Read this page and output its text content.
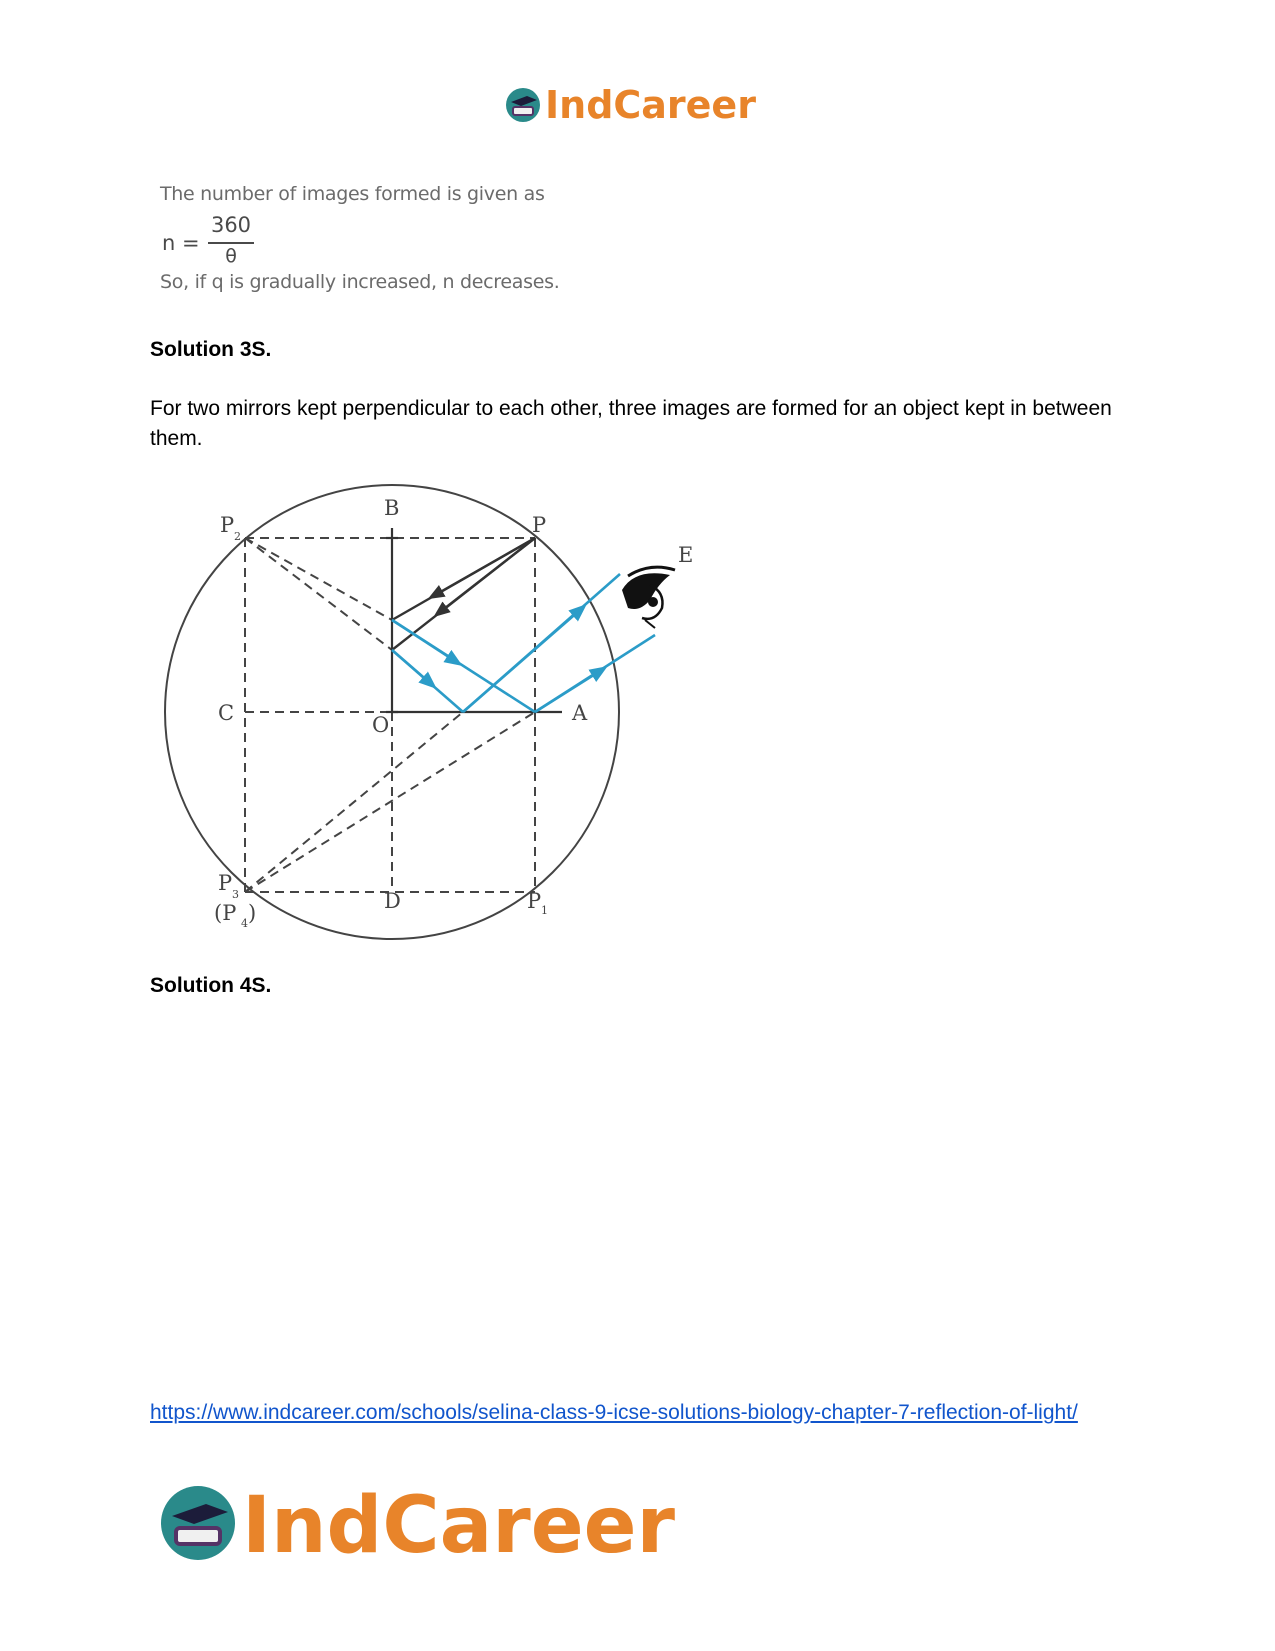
IndCareer
The number of images formed is given as
n =
360
θ
So, if q is gradually increased, n decreases.
Solution 3S.
For two mirrors kept perpendicular to each other, three images are formed for an object kept in between them.
B
P
P 2
E
C	O	A
P 3
(P 4 )	D	P 1
Solution 4S.
https://www.indcareer.com/schools/selina-class-9-icse-solutions-biology-chapter-7-reflection-of-light/
IndCareer
